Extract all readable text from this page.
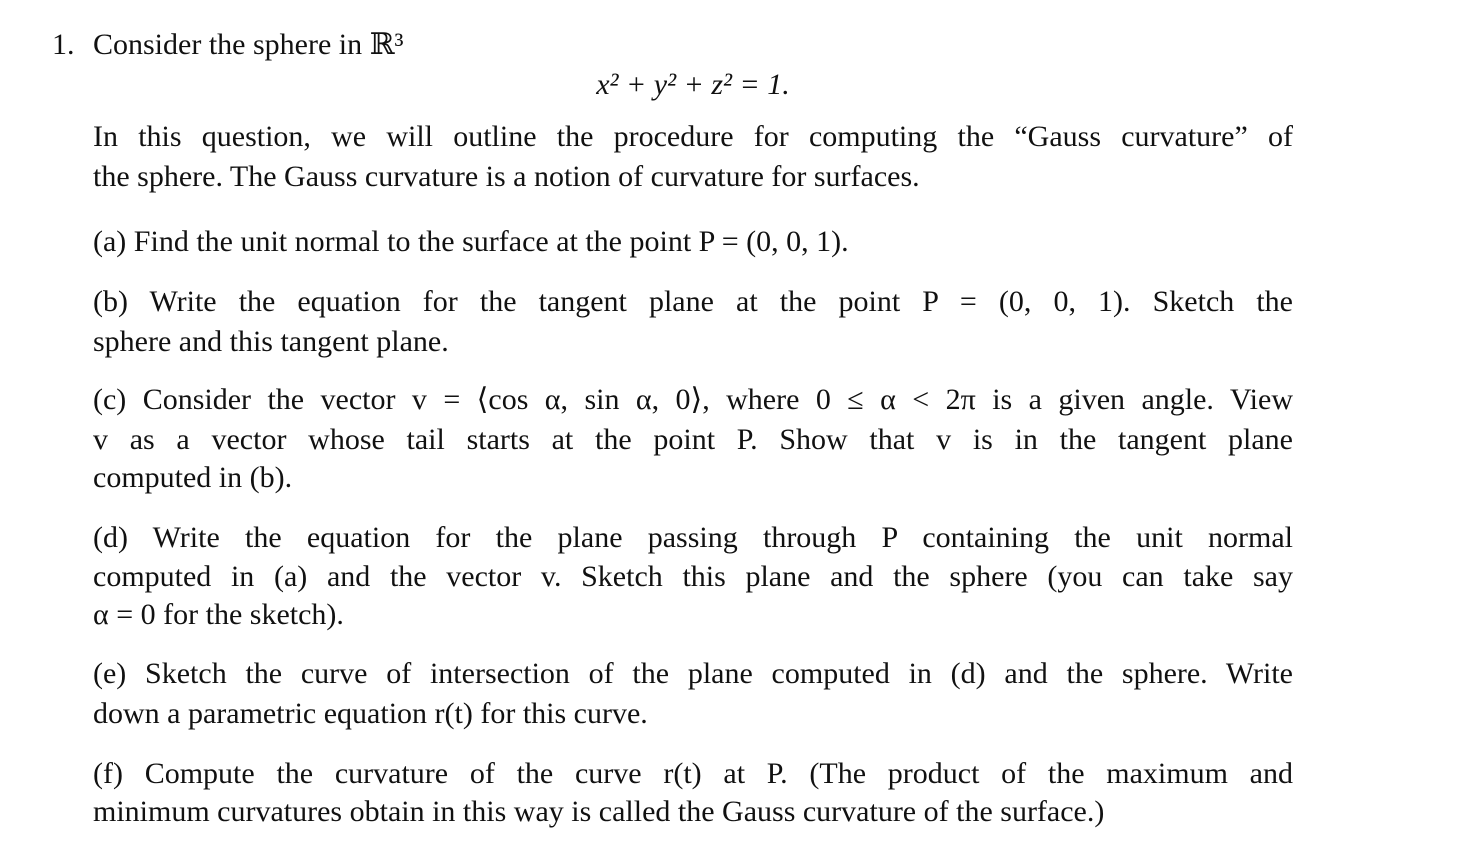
1. Consider the sphere in ℝ³
x² + y² + z² = 1.
In this question, we will outline the procedure for computing the “Gauss curvature” of
the sphere. The Gauss curvature is a notion of curvature for surfaces.
(a) Find the unit normal to the surface at the point P = (0, 0, 1).
(b) Write the equation for the tangent plane at the point P = (0, 0, 1). Sketch the
sphere and this tangent plane.
(c) Consider the vector v = ⟨cos α, sin α, 0⟩, where 0 ≤ α < 2π is a given angle. View
v as a vector whose tail starts at the point P. Show that v is in the tangent plane
computed in (b).
(d) Write the equation for the plane passing through P containing the unit normal
computed in (a) and the vector v. Sketch this plane and the sphere (you can take say
α = 0 for the sketch).
(e) Sketch the curve of intersection of the plane computed in (d) and the sphere. Write
down a parametric equation r(t) for this curve.
(f) Compute the curvature of the curve r(t) at P. (The product of the maximum and
minimum curvatures obtain in this way is called the Gauss curvature of the surface.)
